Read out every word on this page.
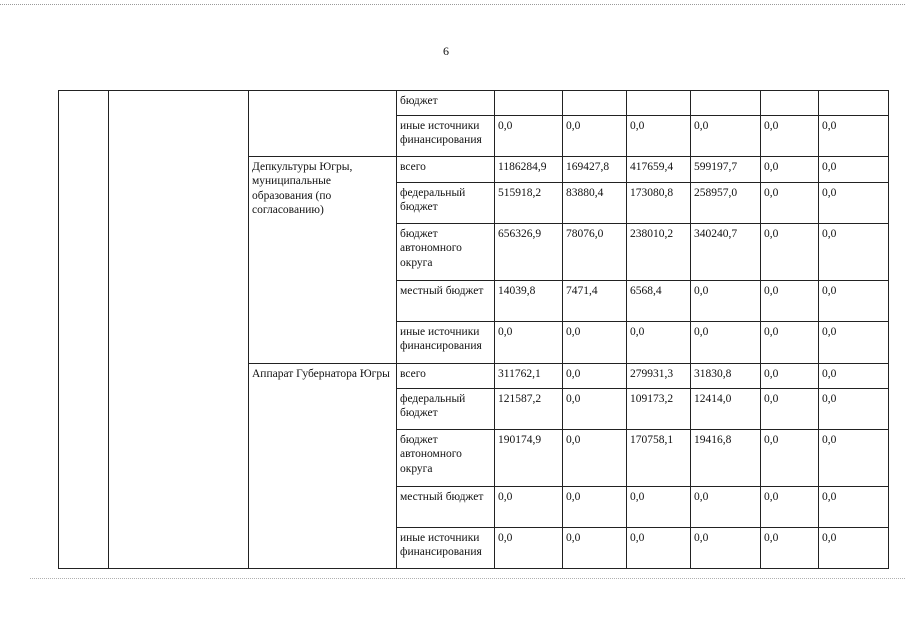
6
			бюджет						
			иные источники финансирования	0,0	0,0	0,0	0,0	0,0	0,0
		Депкультуры Югры, муниципальные образования (по согласованию)	всего	1186284,9	169427,8	417659,4	599197,7	0,0	0,0
			федеральный бюджет	515918,2	83880,4	173080,8	258957,0	0,0	0,0
			бюджет автономного округа	656326,9	78076,0	238010,2	340240,7	0,0	0,0
			местный бюджет	14039,8	7471,4	6568,4	0,0	0,0	0,0
			иные источники финансирования	0,0	0,0	0,0	0,0	0,0	0,0
		Аппарат Губернатора Югры	всего	311762,1	0,0	279931,3	31830,8	0,0	0,0
			федеральный бюджет	121587,2	0,0	109173,2	12414,0	0,0	0,0
			бюджет автономного округа	190174,9	0,0	170758,1	19416,8	0,0	0,0
			местный бюджет	0,0	0,0	0,0	0,0	0,0	0,0
			иные источники финансирования	0,0	0,0	0,0	0,0	0,0	0,0
